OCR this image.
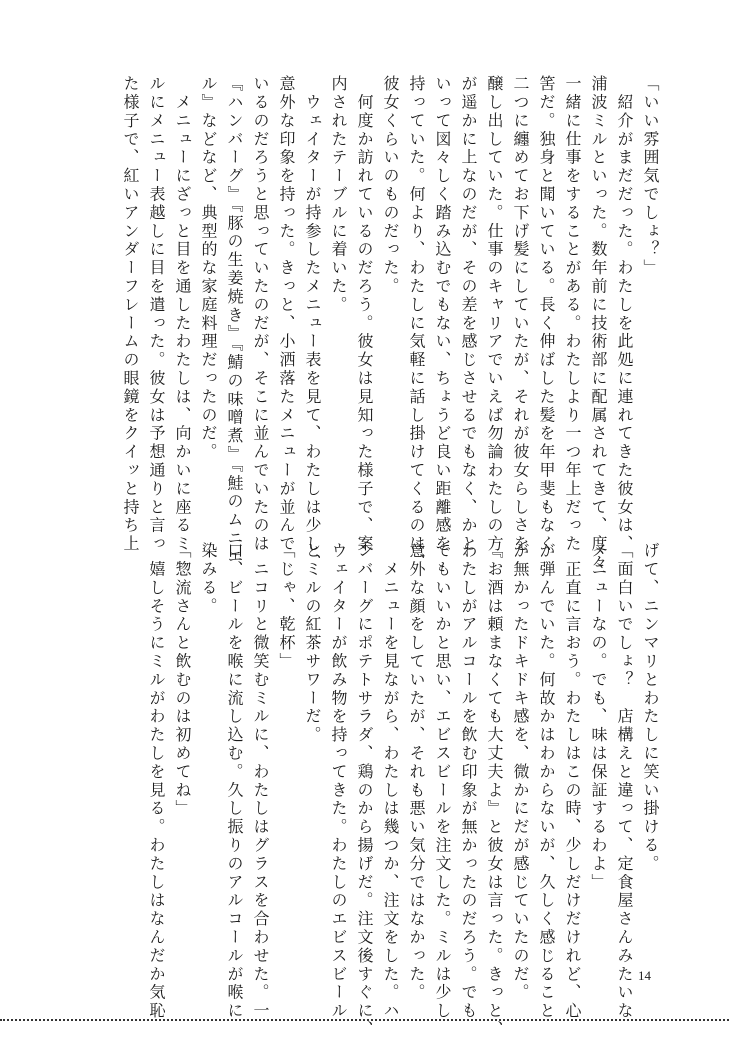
「いい雰囲気でしょ？」
　紹介がまだだった。わたしを此処に連れてきた彼女は、
浦波ミルといった。数年前に技術部に配属されてきて、度々
一緒に仕事をすることがある。わたしより一つ年上だった
筈だ。独身と聞いている。長く伸ばした髪を年甲斐もなく
二つに纏めてお下げ髪にしていたが、それが彼女らしさを
醸し出していた。仕事のキャリアでいえば勿論わたしの方
が遥かに上なのだが、その差を感じさせるでもなく、かと
いって図々しく踏み込むでもない、ちょうど良い距離感を
持っていた。何より、わたしに気軽に話し掛けてくるのは、
彼女くらいのものだった。
　何度か訪れているのだろう。彼女は見知った様子で、案
内されたテーブルに着いた。
　ウェイターが持参したメニュー表を見て、わたしは少し、
意外な印象を持った。きっと、小洒落たメニューが並んで
いるのだろうと思っていたのだが、そこに並んでいたのは
『ハンバーグ』『豚の生姜焼き』『鯖の味噌煮』『鮭のムニエ
ル』などなど、典型的な家庭料理だったのだ。
　メニューにざっと目を通したわたしは、向かいに座るミ
ルにメニュー表越しに目を遣った。彼女は予想通りと言っ
た様子で、紅いアンダーフレームの眼鏡をクイッと持ち上
げて、ニンマリとわたしに笑い掛ける。
「面白いでしょ？　店構えと違って、定食屋さんみたいな
メニューなの。でも、味は保証するわよ」
　正直に言おう。わたしはこの時、少しだけだけれど、心
が弾んでいた。何故かはわからないが、久しく感じること
が無かったドキドキ感を、微かにだが感じていたのだ。
『お酒は頼まなくても大丈夫よ』と彼女は言った。きっと、
わたしがアルコールを飲む印象が無かったのだろう。でも
でもいいかと思い、エビスビールを注文した。ミルは少し
意外な顔をしていたが、それも悪い気分ではなかった。
　メニューを見ながら、わたしは幾つか、注文をした。ハ
ンバーグにポテトサラダ、鶏のから揚げだ。注文後すぐに、
ウェイターが飲み物を持ってきた。わたしのエビスビール
とミルの紅茶サワーだ。
「じゃ、乾杯」
　ニコリと微笑むミルに、わたしはグラスを合わせた。一
口、ビールを喉に流し込む。久し振りのアルコールが喉に
染みる。
「惣流さんと飲むのは初めてね」
　嬉しそうにミルがわたしを見る。わたしはなんだか気恥	14
